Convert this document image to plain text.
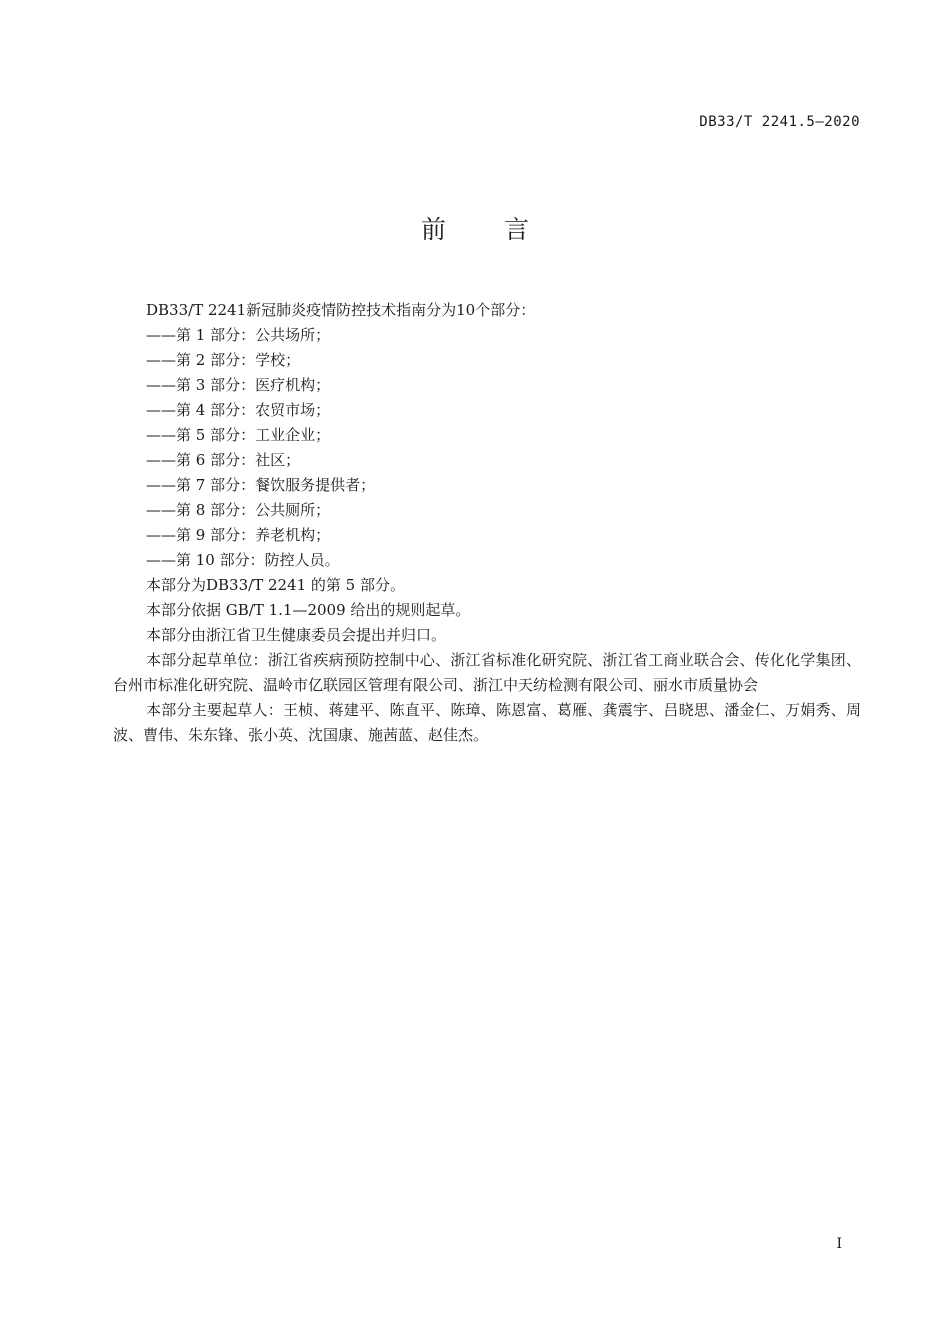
DB33/T 2241.5—2020
前 言

DB33/T 2241新冠肺炎疫情防控技术指南分为10个部分：

——第 1 部分：公共场所；

——第 2 部分：学校；

——第 3 部分：医疗机构；

——第 4 部分：农贸市场；

——第 5 部分：工业企业；

——第 6 部分：社区；

——第 7 部分：餐饮服务提供者；

——第 8 部分：公共厕所；

——第 9 部分：养老机构；

——第 10 部分：防控人员。

本部分为DB33/T 2241 的第 5 部分。

本部分依据 GB/T 1.1—2009 给出的规则起草。

本部分由浙江省卫生健康委员会提出并归口。

本部分起草单位：浙江省疾病预防控制中心、浙江省标准化研究院、浙江省工商业联合会、传化化学集团、台州市标准化研究院、温岭市亿联园区管理有限公司、浙江中天纺检测有限公司、丽水市质量协会

本部分主要起草人：王桢、蒋建平、陈直平、陈璋、陈恩富、葛雁、龚震宇、吕晓思、潘金仁、万娟秀、周波、曹伟、朱东锋、张小英、沈国康、施茜蓝、赵佳杰。

I
